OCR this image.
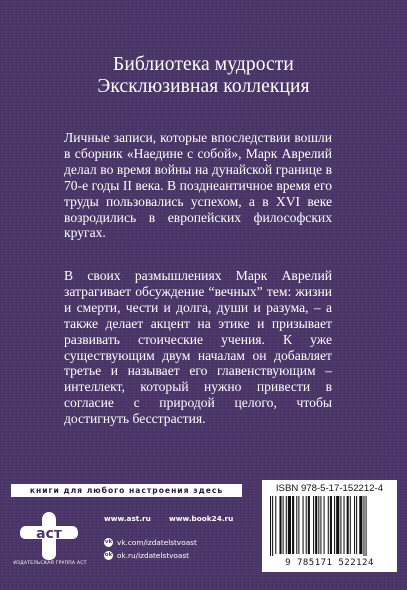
Библиотека мудрости
Эксклюзивная коллекция
Личные записи, которые впоследствии вошли в сборник «Наедине с собой», Марк Аврелий делал во время войны на дунайской границе в 70-е годы II века. В позднеантичное время его труды пользовались успехом, а в XVI веке возродились в европейских философских кругах.
В своих размышлениях Марк Аврелий затрагивает обсуждение “вечных” тем: жизни и смерти, чести и долга, души и разума, – а также делает акцент на этике и призывает развивать стоические учения. К уже существующим двум началам он добавляет третье и называет его главенствующим – интеллект, который нужно привести в согласие с природой целого, чтобы достигнуть бесстрастия.
книги для любого настроения здесь	ISBN 978-5-17-152212-4
9 785171 522124
аст
ИЗДАТЕЛЬСКАЯ ГРУППА АСТ
www.ast.ru www.book24.ru
vk vk.com/izdatelstvoast
ok ok.ru/izdatelstvoast
